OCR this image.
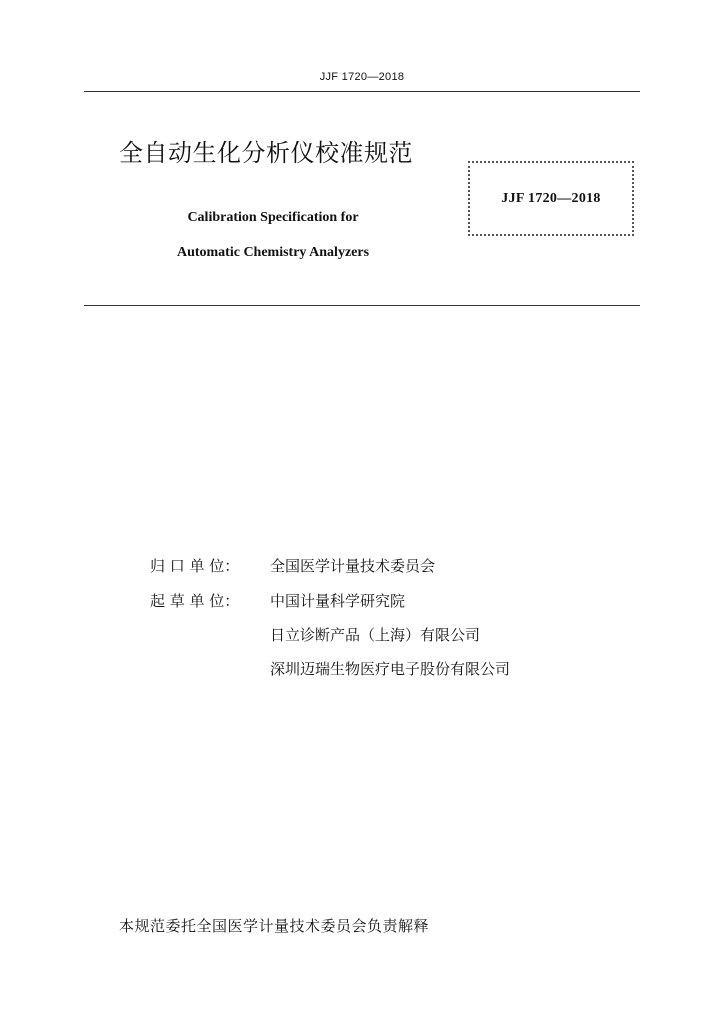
JJF 1720—2018
全自动生化分析仪校准规范
JJF 1720—2018
Calibration Specification for
Automatic Chemistry Analyzers
归 口 单 位： 全国医学计量技术委员会
起 草 单 位： 中国计量科学研究院
日立诊断产品（上海）有限公司
深圳迈瑞生物医疗电子股份有限公司
本规范委托全国医学计量技术委员会负责解释
